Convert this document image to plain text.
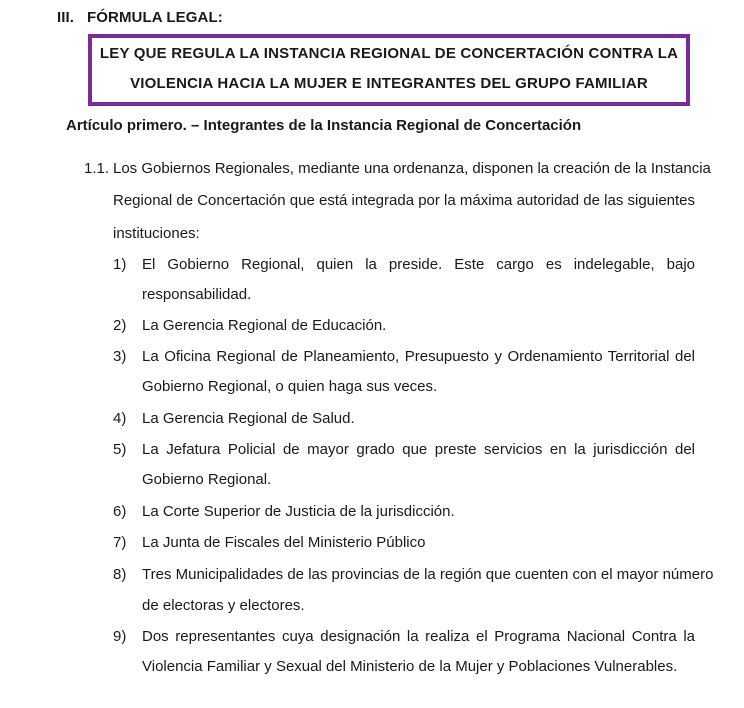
III. FÓRMULA LEGAL:
LEY QUE REGULA LA INSTANCIA REGIONAL DE CONCERTACIÓN CONTRA LA
VIOLENCIA HACIA LA MUJER E INTEGRANTES DEL GRUPO FAMILIAR
Artículo primero. – Integrantes de la Instancia Regional de Concertación
1.1. Los Gobiernos Regionales, mediante una ordenanza, disponen la creación de la Instancia
Regional de Concertación que está integrada por la máxima autoridad de las siguientes
instituciones:
1) El Gobierno Regional, quien la preside. Este cargo es indelegable, bajo
responsabilidad.
2) La Gerencia Regional de Educación.
3) La Oficina Regional de Planeamiento, Presupuesto y Ordenamiento Territorial del
Gobierno Regional, o quien haga sus veces.
4) La Gerencia Regional de Salud.
5) La Jefatura Policial de mayor grado que preste servicios en la jurisdicción del
Gobierno Regional.
6) La Corte Superior de Justicia de la jurisdicción.
7) La Junta de Fiscales del Ministerio Público
8) Tres Municipalidades de las provincias de la región que cuenten con el mayor número
de electoras y electores.
9) Dos representantes cuya designación la realiza el Programa Nacional Contra la
Violencia Familiar y Sexual del Ministerio de la Mujer y Poblaciones Vulnerables.
